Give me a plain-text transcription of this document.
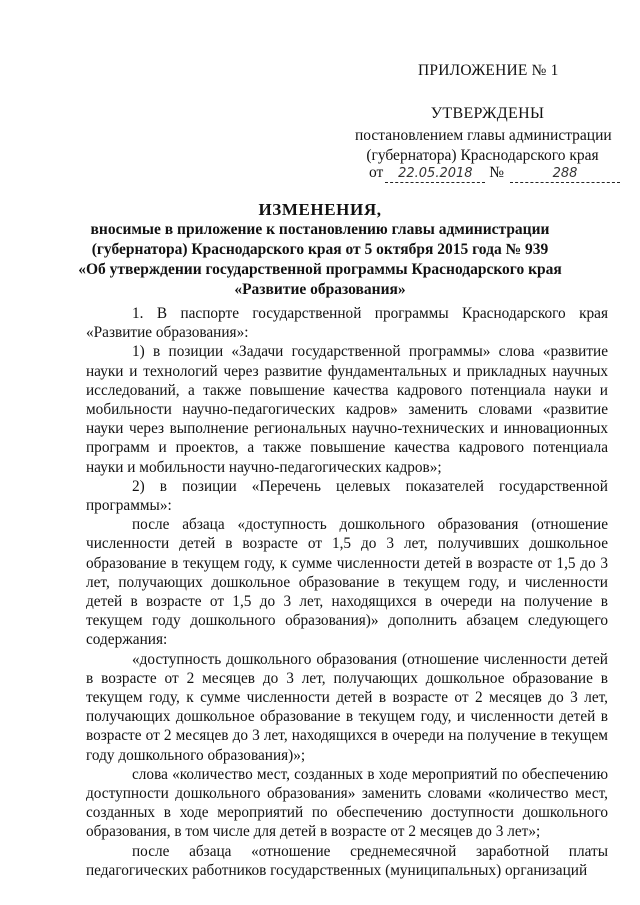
ПРИЛОЖЕНИЕ № 1
УТВЕРЖДЕНЫ
постановлением главы администрации
(губернатора) Краснодарского края
от 22.05.2018 №	288
ИЗМЕНЕНИЯ,
вносимые в приложение к постановлению главы администрации
(губернатора) Краснодарского края от 5 октября 2015 года № 939
«Об утверждении государственной программы Краснодарского края
«Развитие образования»

1. В паспорте государственной программы Краснодарского края «Развитие образования»:

1) в позиции «Задачи государственной программы» слова «развитие науки и технологий через развитие фундаментальных и прикладных научных исследований, а также повышение качества кадрового потенциала науки и мобильности научно-педагогических кадров» заменить словами «развитие науки через выполнение региональных научно-технических и инновационных программ и проектов, а также повышение качества кадрового потенциала науки и мобильности научно-педагогических кадров»;

2) в позиции «Перечень целевых показателей государственной программы»:

после абзаца «доступность дошкольного образования (отношение численности детей в возрасте от 1,5 до 3 лет, получивших дошкольное образование в текущем году, к сумме численности детей в возрасте от 1,5 до 3 лет, получающих дошкольное образование в текущем году, и численности детей в возрасте от 1,5 до 3 лет, находящихся в очереди на получение в текущем году дошкольного образования)» дополнить абзацем следующего содержания:

«доступность дошкольного образования (отношение численности детей в возрасте от 2 месяцев до 3 лет, получающих дошкольное образование в текущем году, к сумме численности детей в возрасте от 2 месяцев до 3 лет, получающих дошкольное образование в текущем году, и численности детей в возрасте от 2 месяцев до 3 лет, находящихся в очереди на получение в текущем году дошкольного образования)»;

слова «количество мест, созданных в ходе мероприятий по обеспечению доступности дошкольного образования» заменить словами «количество мест, созданных в ходе мероприятий по обеспечению доступности дошкольного образования, в том числе для детей в возрасте от 2 месяцев до 3 лет»;

после абзаца «отношение среднемесячной заработной платы педагогических работников государственных (муниципальных) организаций
